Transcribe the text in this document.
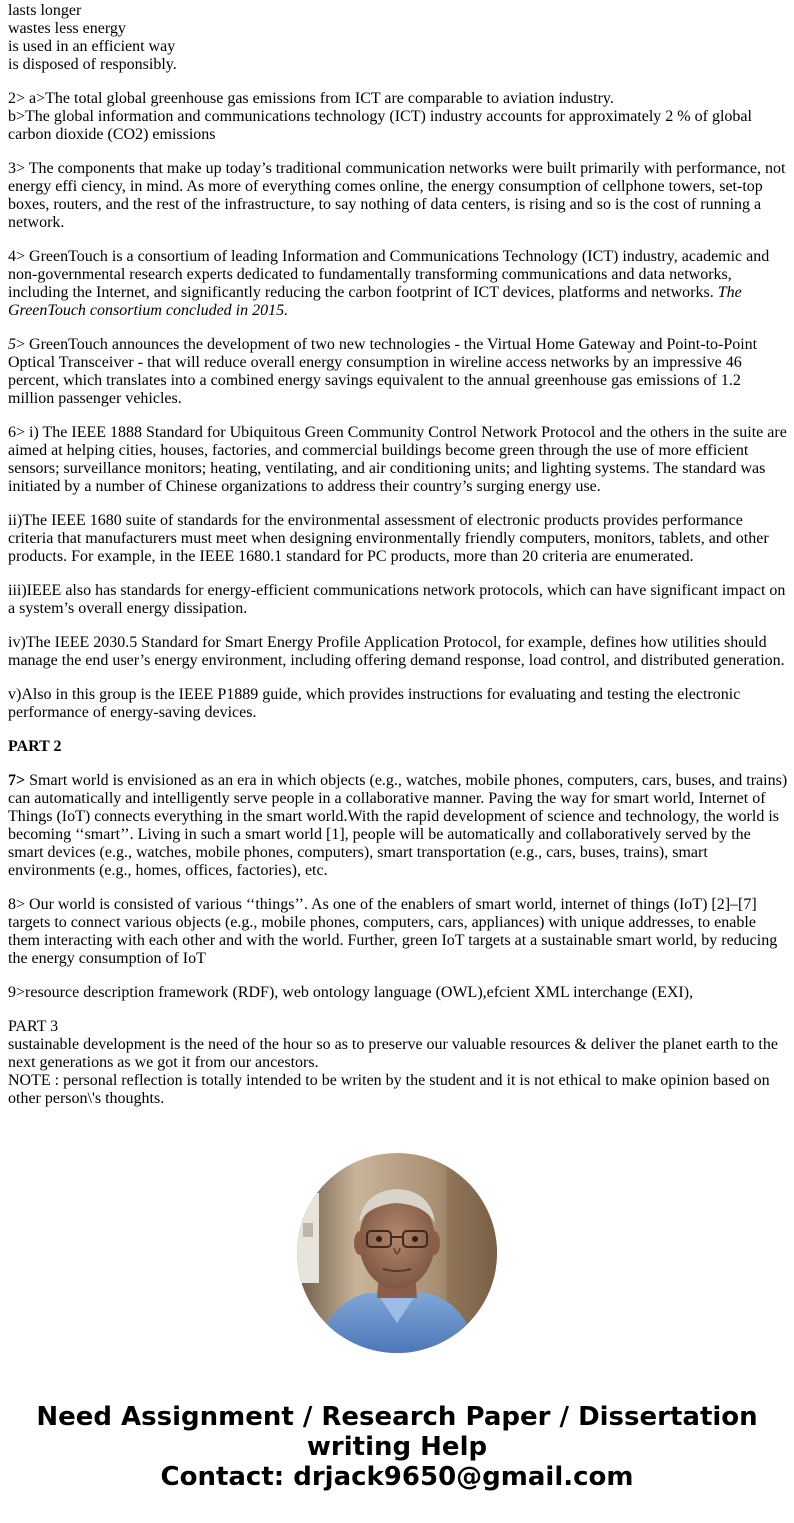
lasts longer
wastes less energy
is used in an efficient way
is disposed of responsibly.

2> a>The total global greenhouse gas emissions from ICT are comparable to aviation industry.
b>The global information and communications technology (ICT) industry accounts for approximately 2 % of global carbon dioxide (CO2) emissions

3> The components that make up today’s traditional communication networks were built primarily with performance, not energy effi ciency, in mind. As more of everything comes online, the energy consumption of cellphone towers, set-top boxes, routers, and the rest of the infrastructure, to say nothing of data centers, is rising and so is the cost of running a network.

4> GreenTouch is a consortium of leading Information and Communications Technology (ICT) industry, academic and non-governmental research experts dedicated to fundamentally transforming communications and data networks, including the Internet, and significantly reducing the carbon footprint of ICT devices, platforms and networks. The GreenTouch consortium concluded in 2015.

5> GreenTouch announces the development of two new technologies - the Virtual Home Gateway and Point-to-Point Optical Transceiver - that will reduce overall energy consumption in wireline access networks by an impressive 46 percent, which translates into a combined energy savings equivalent to the annual greenhouse gas emissions of 1.2 million passenger vehicles.

6> i) The IEEE 1888 Standard for Ubiquitous Green Community Control Network Protocol and the others in the suite are aimed at helping cities, houses, factories, and commercial buildings become green through the use of more efficient sensors; surveillance monitors; heating, ventilating, and air conditioning units; and lighting systems. The standard was initiated by a number of Chinese organizations to address their country’s surging energy use.

ii)The IEEE 1680 suite of standards for the environmental assessment of electronic products provides performance criteria that manufacturers must meet when designing environmentally friendly computers, monitors, tablets, and other products. For example, in the IEEE 1680.1 standard for PC products, more than 20 criteria are enumerated.

iii)IEEE also has standards for energy-efficient communications network protocols, which can have significant impact on a system’s overall energy dissipation.

iv)The IEEE 2030.5 Standard for Smart Energy Profile Application Protocol, for example, defines how utilities should manage the end user’s energy environment, including offering demand response, load control, and distributed generation.

v)Also in this group is the IEEE P1889 guide, which provides instructions for evaluating and testing the electronic performance of energy-saving devices.

PART 2

7> Smart world is envisioned as an era in which objects (e.g., watches, mobile phones, computers, cars, buses, and trains) can automatically and intelligently serve people in a collaborative manner. Paving the way for smart world, Internet of Things (IoT) connects everything in the smart world.With the rapid development of science and technology, the world is becoming ‘‘smart’’. Living in such a smart world [1], people will be automatically and collaboratively served by the smart devices (e.g., watches, mobile phones, computers), smart transportation (e.g., cars, buses, trains), smart environments (e.g., homes, offices, factories), etc.

8> Our world is consisted of various ‘‘things’’. As one of the enablers of smart world, internet of things (IoT) [2]–[7] targets to connect various objects (e.g., mobile phones, computers, cars, appliances) with unique addresses, to enable them interacting with each other and with the world. Further, green IoT targets at a sustainable smart world, by reducing the energy consumption of IoT

9>resource description framework (RDF), web ontology language (OWL),efcient XML interchange (EXI),

PART 3
sustainable development is the need of the hour so as to preserve our valuable resources & deliver the planet earth to the next generations as we got it from our ancestors.
NOTE : personal reflection is totally intended to be writen by the student and it is not ethical to make opinion based on other person\'s thoughts.

Need Assignment / Research Paper / Dissertation
writing Help
Contact: drjack9650@gmail.com
